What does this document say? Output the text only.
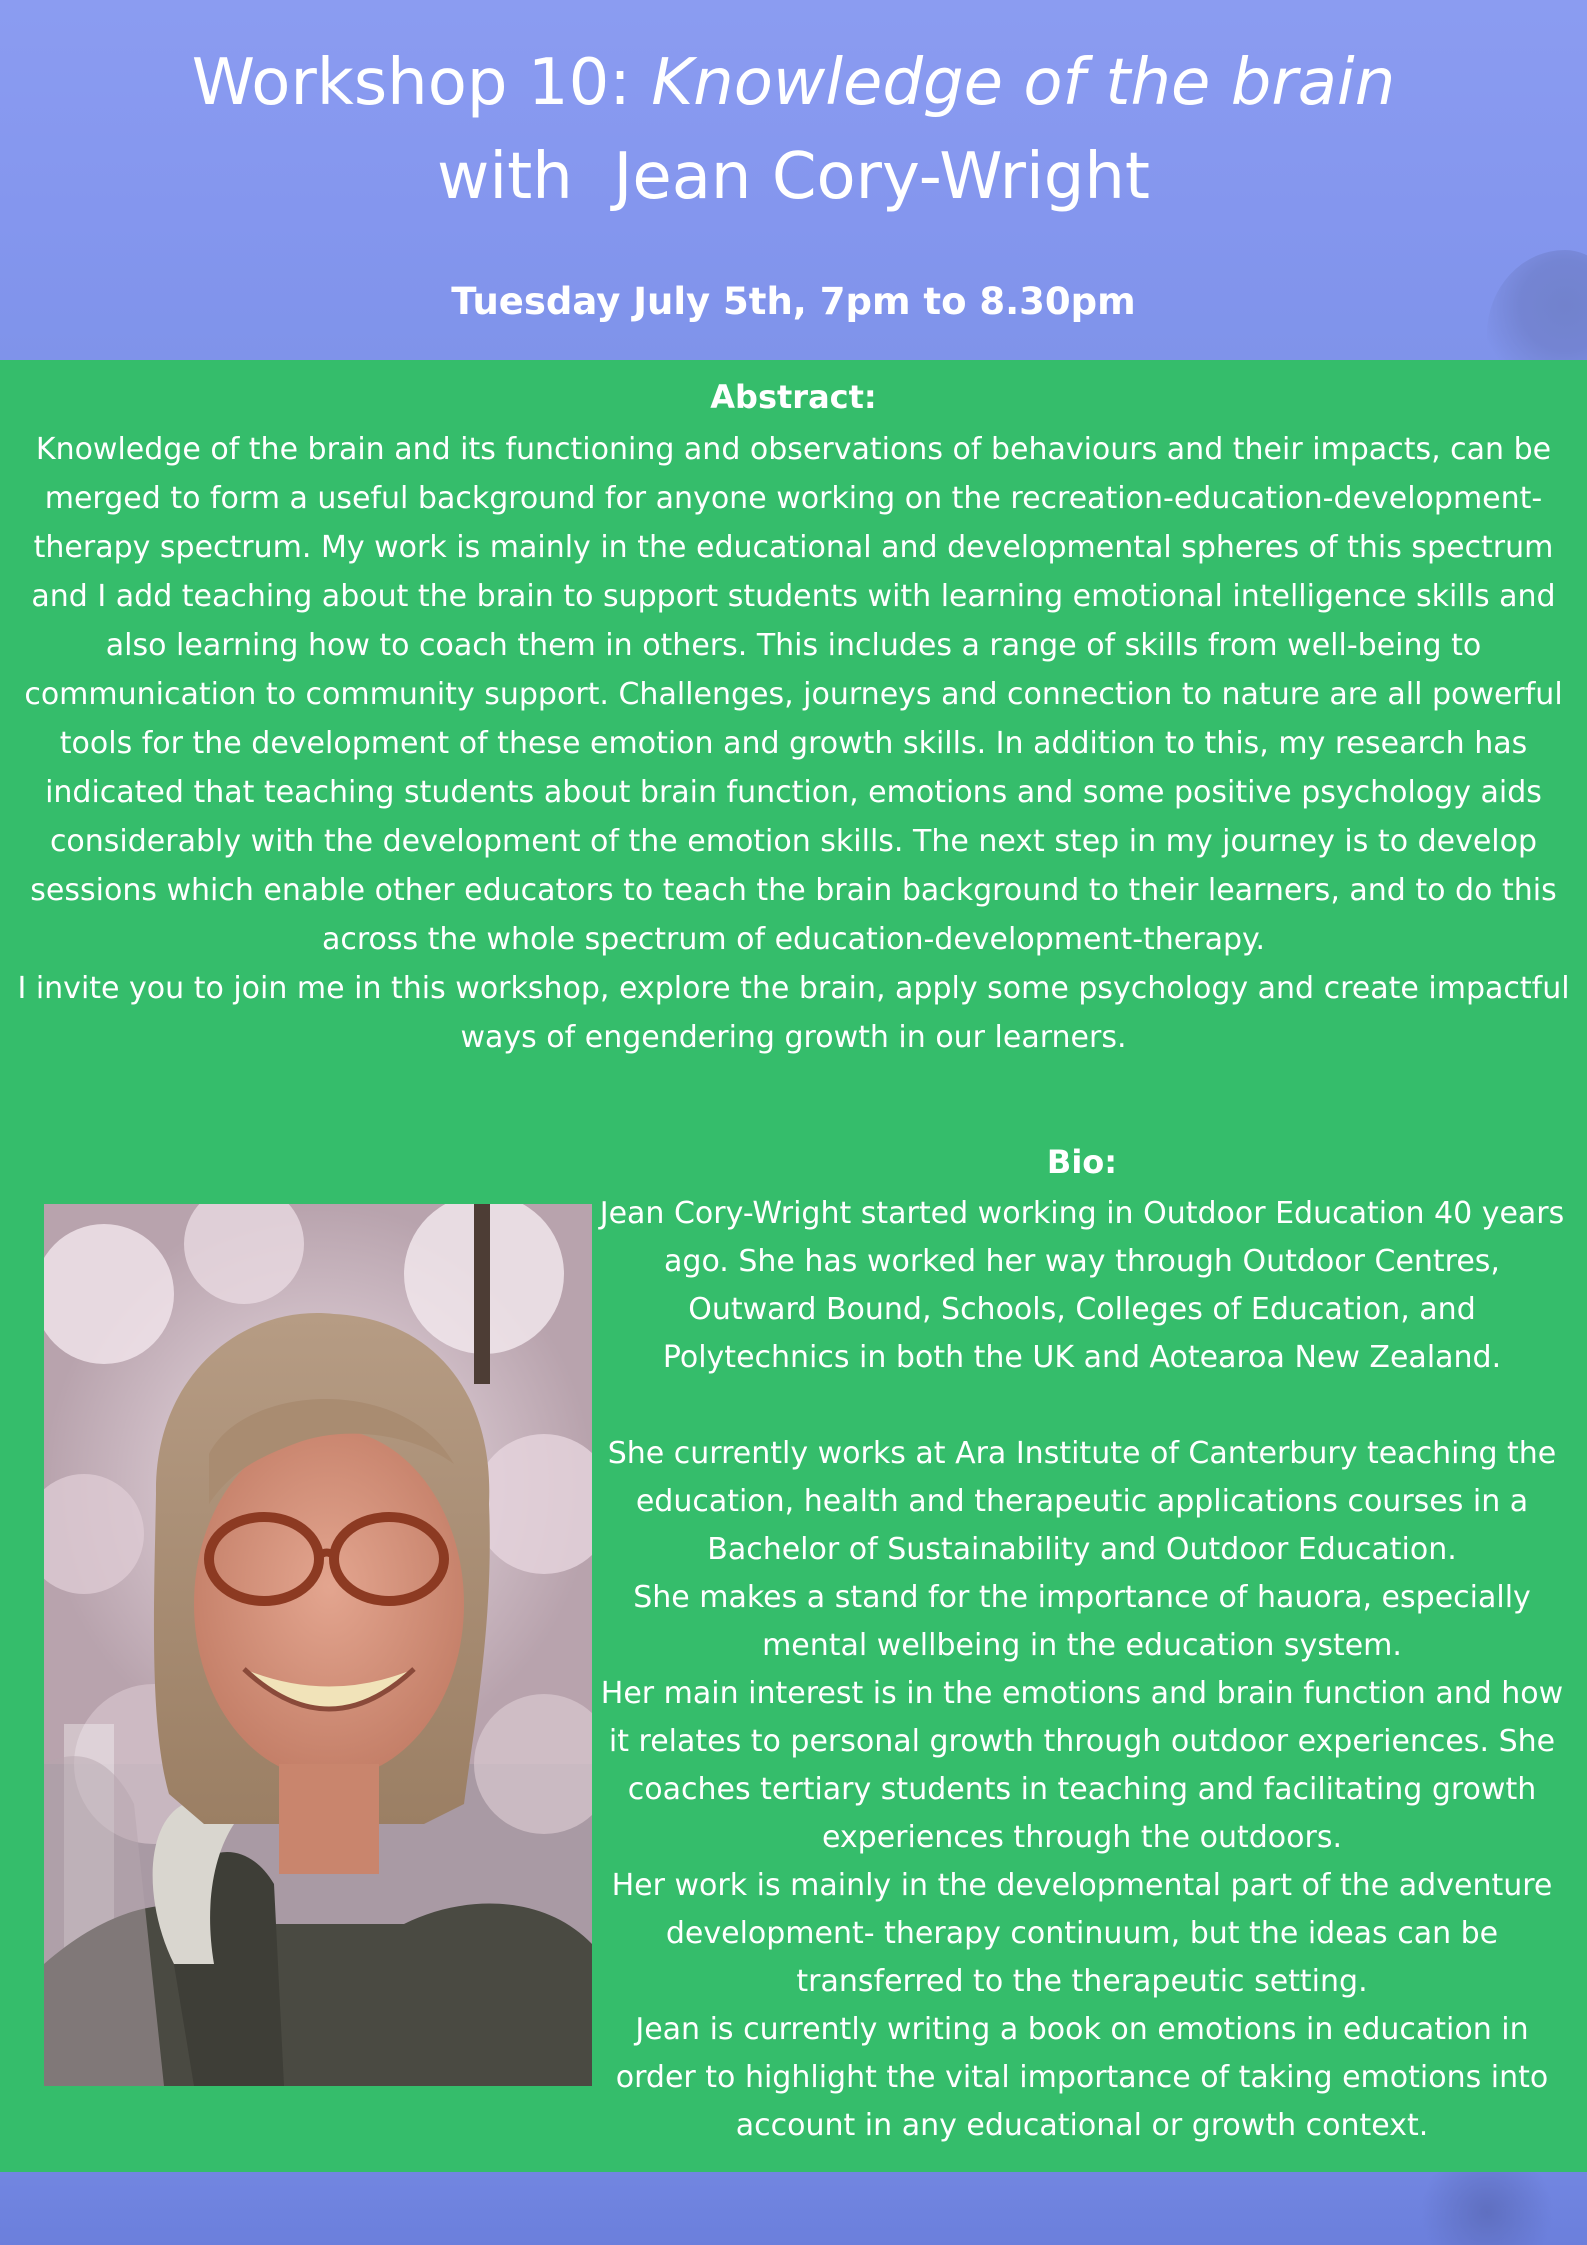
Workshop 10: Knowledge of the brain
with  Jean Cory-Wright

Tuesday July 5th, 7pm to 8.30pm

Abstract:

Knowledge of the brain and its functioning and observations of behaviours and their impacts, can be merged to form a useful background for anyone working on the recreation-education-development-therapy spectrum. My work is mainly in the educational and developmental spheres of this spectrum and I add teaching about the brain to support students with learning emotional intelligence skills and also learning how to coach them in others. This includes a range of skills from well-being to communication to community support. Challenges, journeys and connection to nature are all powerful tools for the development of these emotion and growth skills. In addition to this, my research has indicated that teaching students about brain function, emotions and some positive psychology aids considerably with the development of the emotion skills. The next step in my journey is to develop sessions which enable other educators to teach the brain background to their learners, and to do this across the whole spectrum of education-development-therapy.

I invite you to join me in this workshop, explore the brain, apply some psychology and create impactful ways of engendering growth in our learners.

Bio:

Jean Cory-Wright started working in Outdoor Education 40 years ago. She has worked her way through Outdoor Centres, Outward Bound, Schools, Colleges of Education, and Polytechnics in both the UK and Aotearoa New Zealand.

She currently works at Ara Institute of Canterbury teaching the education, health and therapeutic applications courses in a Bachelor of Sustainability and Outdoor Education.

She makes a stand for the importance of hauora, especially mental wellbeing in the education system.

Her main interest is in the emotions and brain function and how it relates to personal growth through outdoor experiences. She coaches tertiary students in teaching and facilitating growth experiences through the outdoors.

Her work is mainly in the developmental part of the adventure development- therapy continuum, but the ideas can be transferred to the therapeutic setting.

Jean is currently writing a book on emotions in education in order to highlight the vital importance of taking emotions into account in any educational or growth context.
